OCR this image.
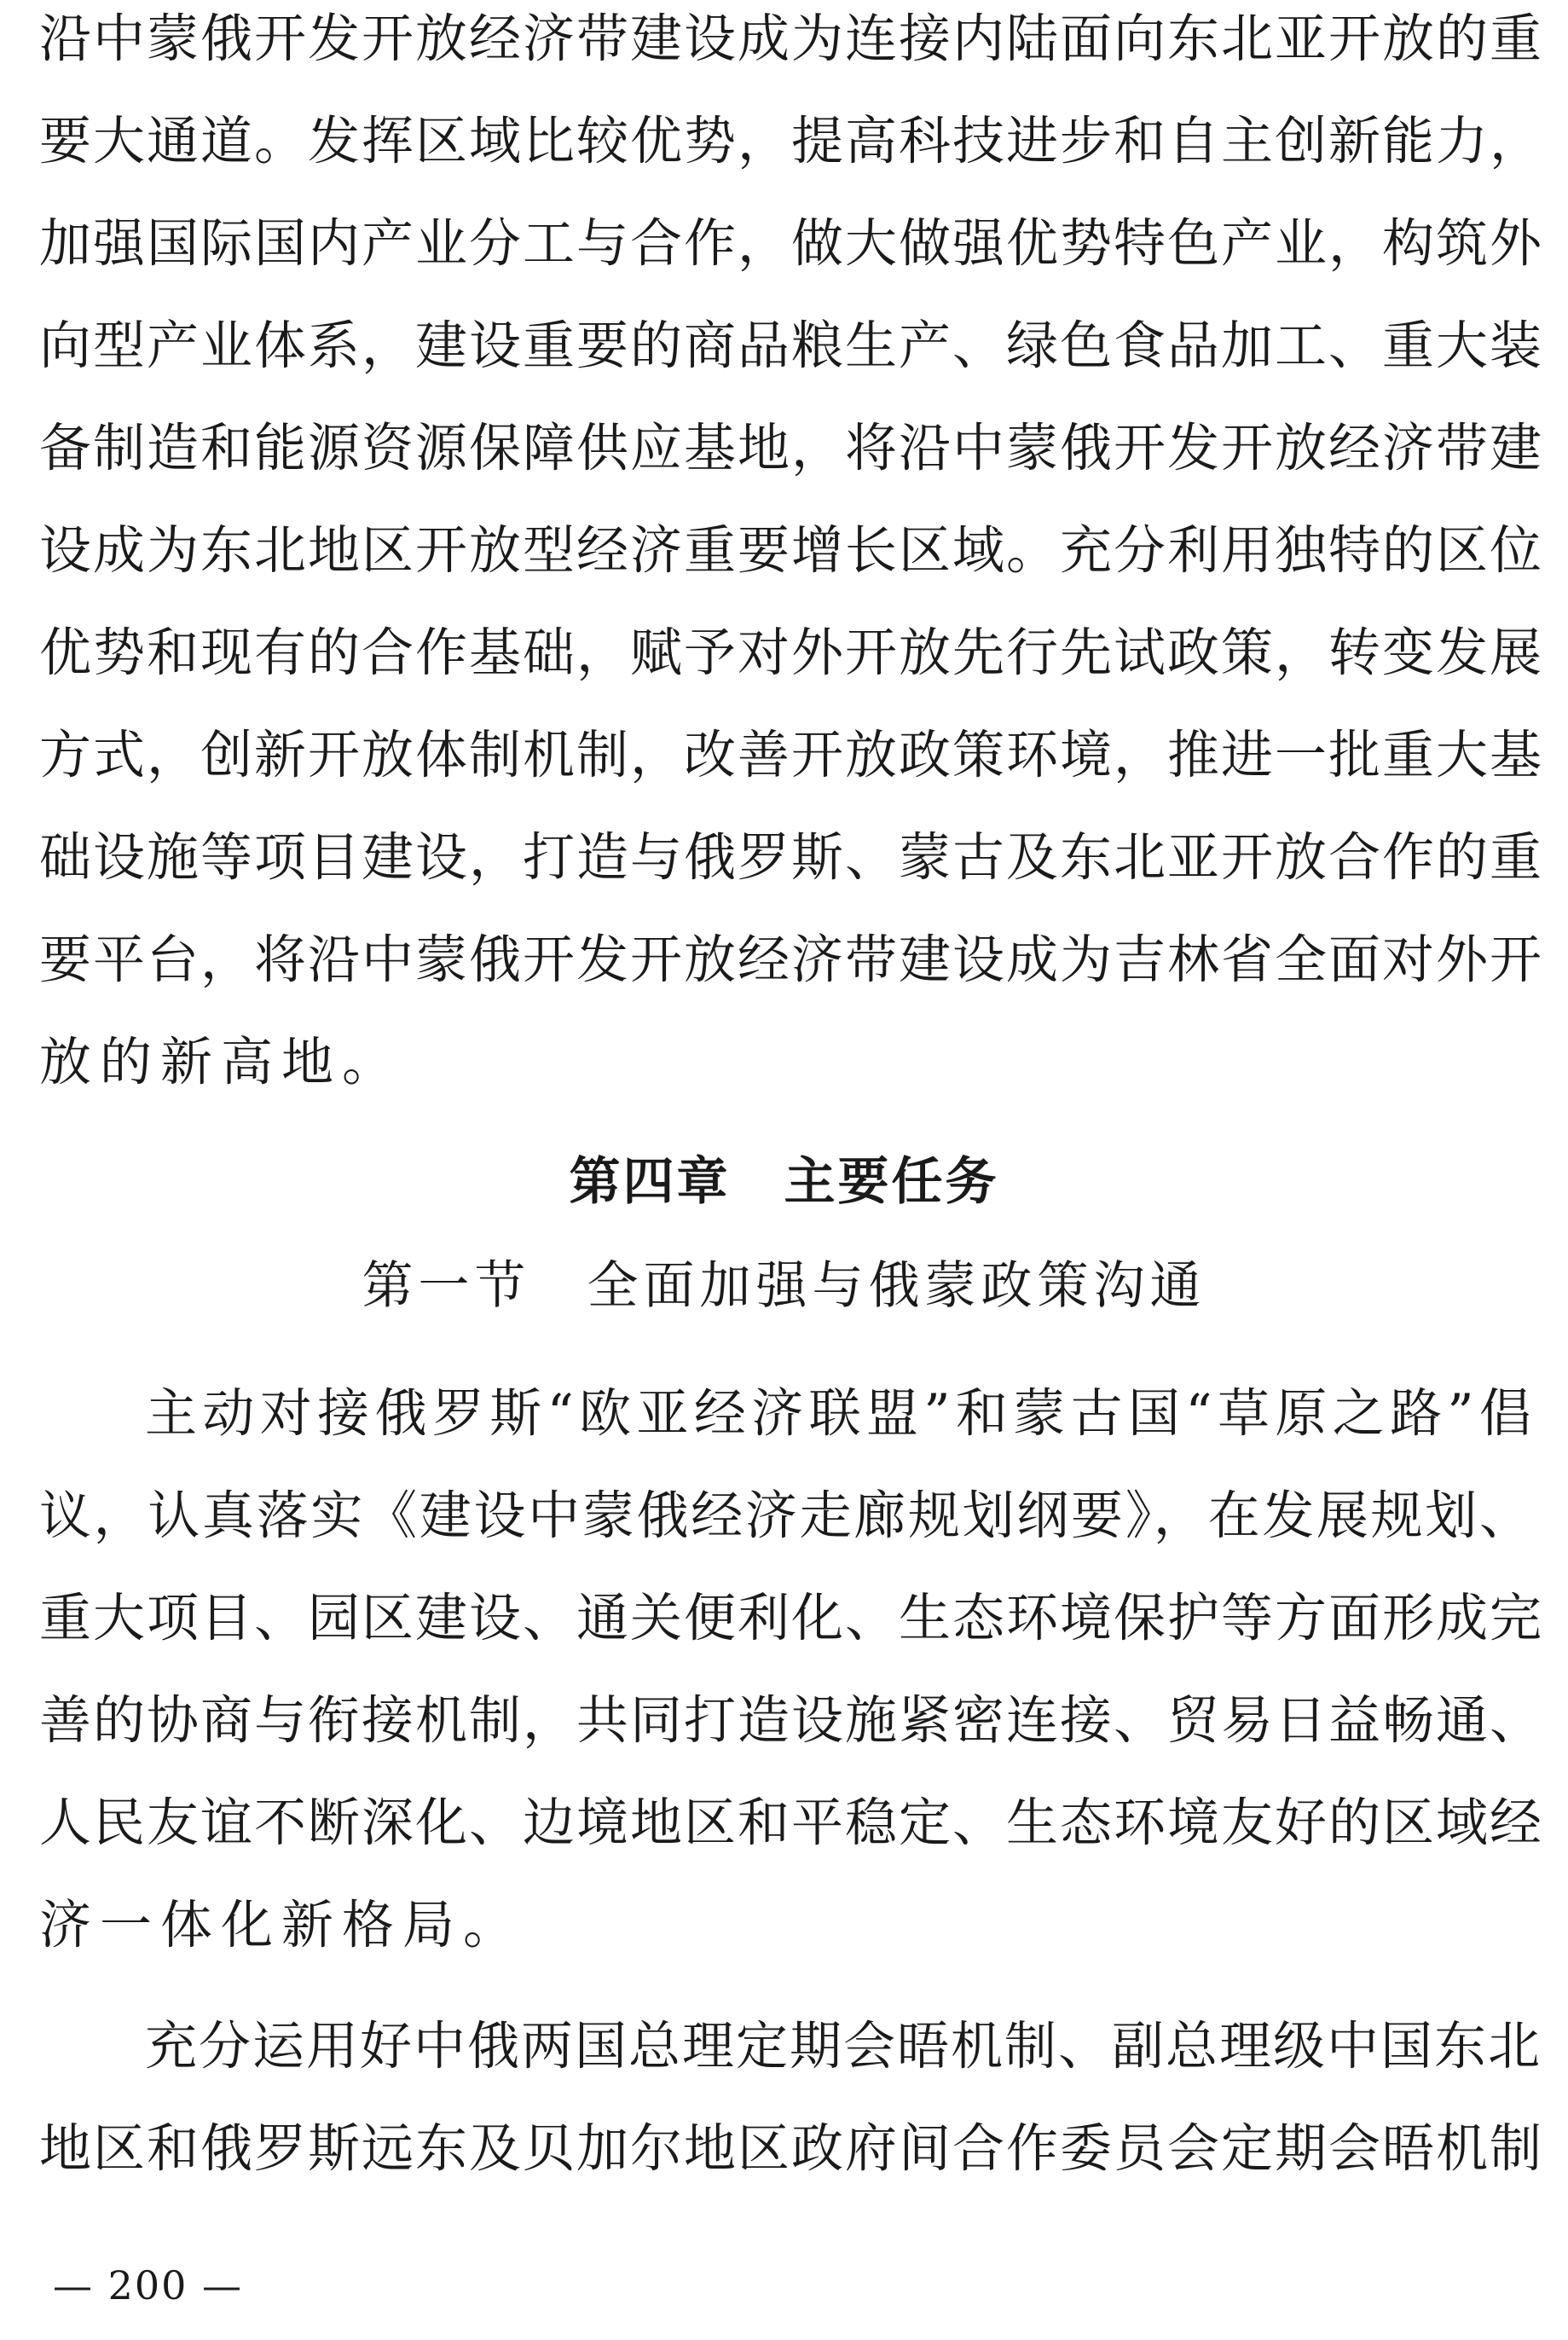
沿中蒙俄开发开放经济带建设成为连接内陆面向东北亚开放的重
要大通道。发挥区域比较优势，提高科技进步和自主创新能力，
加强国际国内产业分工与合作，做大做强优势特色产业，构筑外
向型产业体系，建设重要的商品粮生产、绿色食品加工、重大装
备制造和能源资源保障供应基地，将沿中蒙俄开发开放经济带建
设成为东北地区开放型经济重要增长区域。充分利用独特的区位
优势和现有的合作基础，赋予对外开放先行先试政策，转变发展
方式，创新开放体制机制，改善开放政策环境，推进一批重大基
础设施等项目建设，打造与俄罗斯、蒙古及东北亚开放合作的重
要平台，将沿中蒙俄开发开放经济带建设成为吉林省全面对外开
放的新高地。
第四章　主要任务
第一节　全面加强与俄蒙政策沟通
主动对接俄罗斯“欧亚经济联盟”和蒙古国“草原之路”倡
议，认真落实《建设中蒙俄经济走廊规划纲要》，在发展规划、
重大项目、园区建设、通关便利化、生态环境保护等方面形成完
善的协商与衔接机制，共同打造设施紧密连接、贸易日益畅通、
人民友谊不断深化、边境地区和平稳定、生态环境友好的区域经
济一体化新格局。
充分运用好中俄两国总理定期会晤机制、副总理级中国东北
地区和俄罗斯远东及贝加尔地区政府间合作委员会定期会晤机制
— 200 —
